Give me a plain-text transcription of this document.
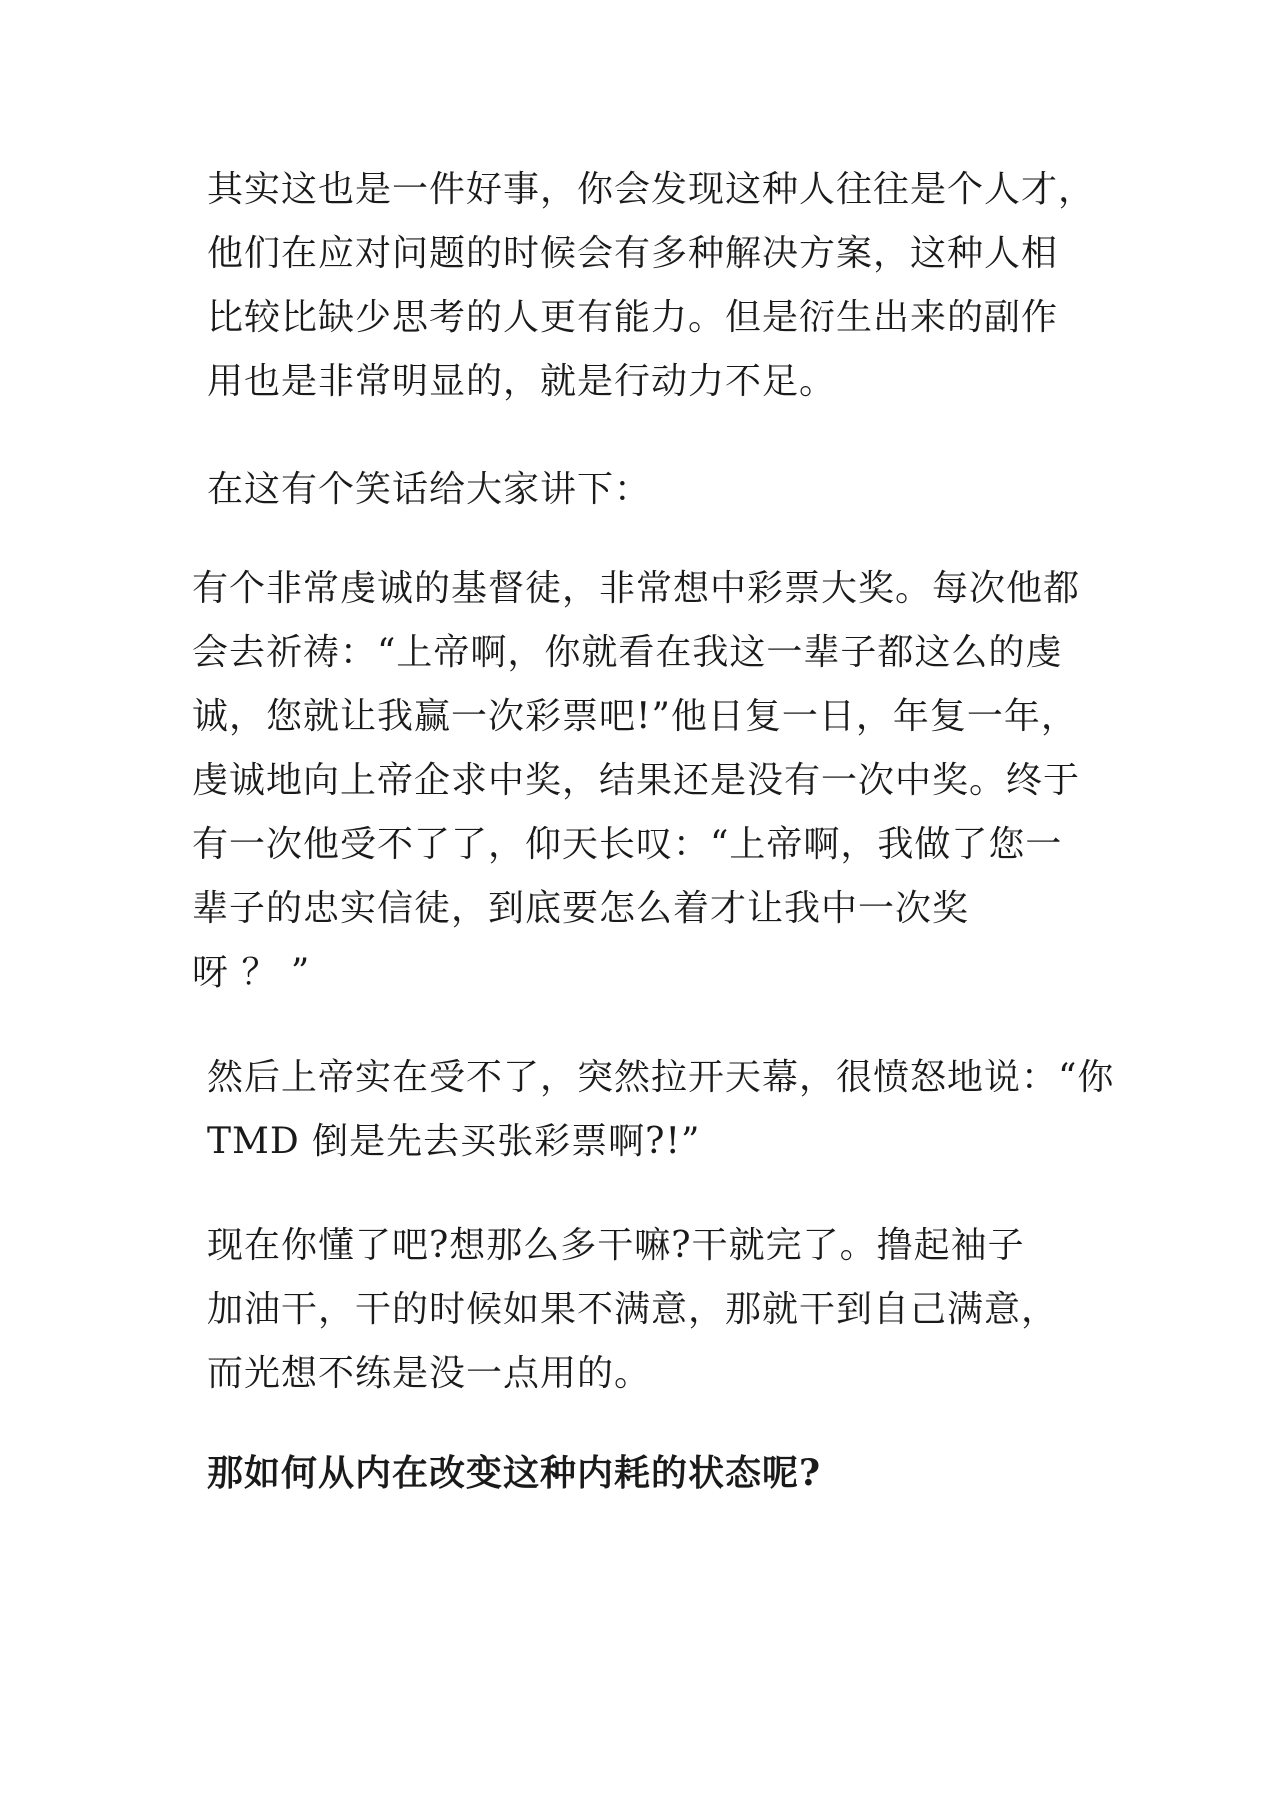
其实这也是一件好事，你会发现这种人往往是个人才，
他们在应对问题的时候会有多种解决方案，这种人相
比较比缺少思考的人更有能力。但是衍生出来的副作
用也是非常明显的，就是行动力不足。
在这有个笑话给大家讲下：
有个非常虔诚的基督徒，非常想中彩票大奖。每次他都
会去祈祷：“上帝啊，你就看在我这一辈子都这么的虔
诚，您就让我赢一次彩票吧!”他日复一日，年复一年，
虔诚地向上帝企求中奖，结果还是没有一次中奖。终于
有一次他受不了了，仰天长叹：“上帝啊，我做了您一
辈子的忠实信徒，到底要怎么着才让我中一次奖
呀 ？ ”
然后上帝实在受不了，突然拉开天幕，很愤怒地说：“你
TMD 倒是先去买张彩票啊?!”
现在你懂了吧?想那么多干嘛?干就完了。撸起袖子
加油干，干的时候如果不满意，那就干到自己满意，
而光想不练是没一点用的。
那如何从内在改变这种内耗的状态呢?
